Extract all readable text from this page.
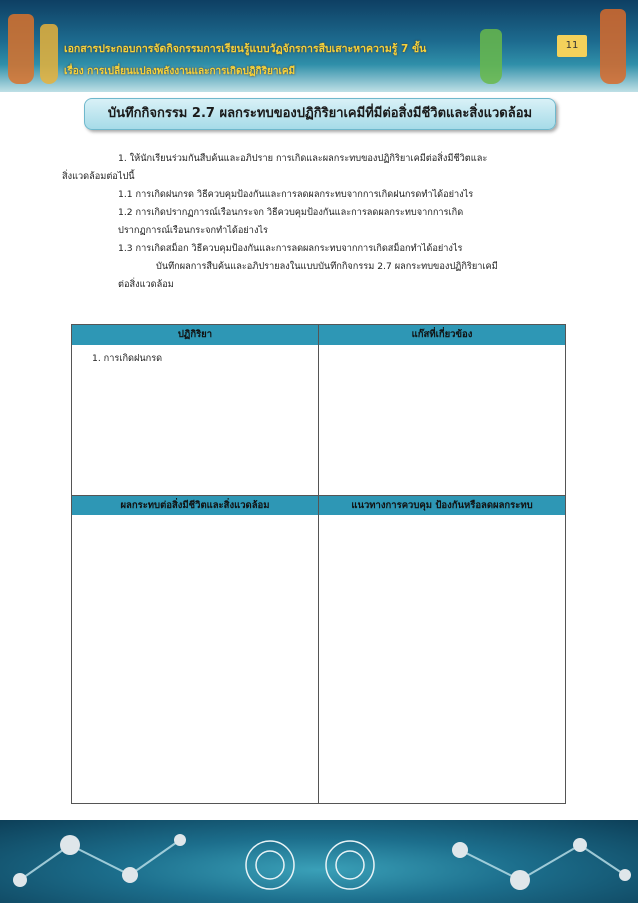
เอกสารประกอบการจัดกิจกรรมการเรียนรู้แบบวัฏจักรการสืบเสาะหาความรู้ 7 ขั้น
เรื่อง การเปลี่ยนแปลงพลังงานและการเกิดปฏิกิริยาเคมี
11
บันทึกกิจกรรม 2.7 ผลกระทบของปฏิกิริยาเคมีที่มีต่อสิ่งมีชีวิตและสิ่งแวดล้อม

1. ให้นักเรียนร่วมกันสืบค้นและอภิปราย การเกิดและผลกระทบของปฏิกิริยาเคมีต่อสิ่งมีชีวิตและ

สิ่งแวดล้อมต่อไปนี้

1.1 การเกิดฝนกรด วิธีควบคุมป้องกันและการลดผลกระทบจากการเกิดฝนกรดทำได้อย่างไร

1.2 การเกิดปรากฏการณ์เรือนกระจก วิธีควบคุมป้องกันและการลดผลกระทบจากการเกิด

ปรากฏการณ์เรือนกระจกทำได้อย่างไร

1.3 การเกิดสม็อก วิธีควบคุมป้องกันและการลดผลกระทบจากการเกิดสม็อกทำได้อย่างไร

บันทึกผลการสืบค้นและอภิปรายลงในแบบบันทึกกิจกรรม 2.7 ผลกระทบของปฏิกิริยาเคมี

ต่อสิ่งแวดล้อม

ปฏิกิริยา	แก๊สที่เกี่ยวข้อง
1. การเกิดฝนกรด
ผลกระทบต่อสิ่งมีชีวิตและสิ่งแวดล้อม	แนวทางการควบคุม ป้องกันหรือลดผลกระทบ
